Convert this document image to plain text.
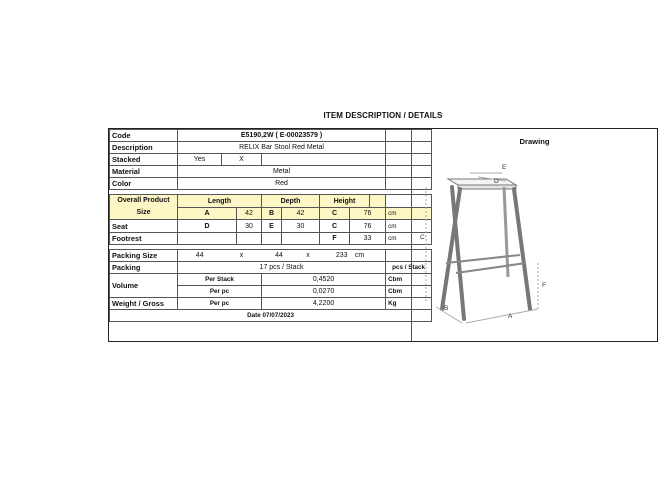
ITEM DESCRIPTION / DETAILS
Code	E5190,2W ( E-00023579 )									
Description	RELIX Bar Stool Red Metal									
Stacked	Yes	X								
Material	Metal									
Color	Red									

Overall Product Size	Length			Depth			Height			
	A		42	B	42		C	76		cm
Seat	D		30	E	30		C	76		cm
Footrest							F	33		cm

Packing Size	44	x		44		x	233	cm		
Packing	17 pcs / Stack									pcs / Stack
Volume	Per Stack			0,4520						Cbm
	Per pc			0,0270						Cbm
Weight / Gross	Per pc			4,2200						Kg
Date 07/07/2023										
Drawing
E
D
C
F
B
A
